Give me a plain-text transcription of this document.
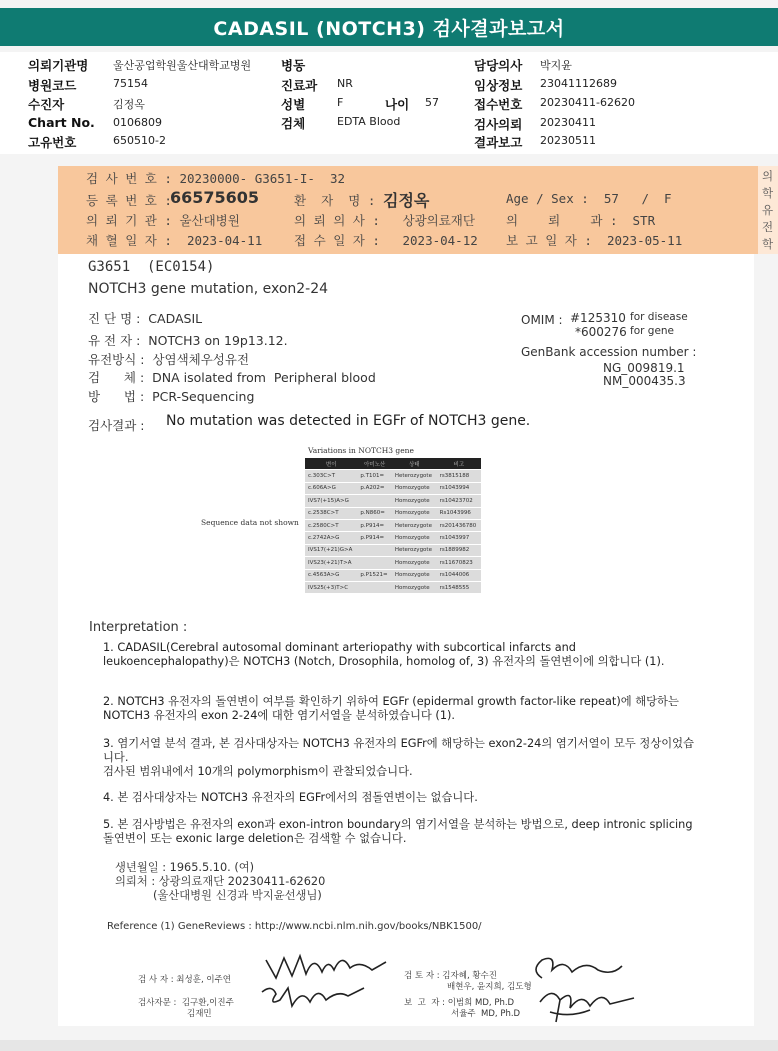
CADASIL (NOTCH3) 검사결과보고서
의뢰기관명 울산공업학원울산대학교병원
병원코드	75154
수진자	김정옥
Chart No. 0106809
고유번호	650510-2
병동
진료과 NR
성별	F	나이 57
검체	EDTA Blood
담당의사 박지윤
임상정보 23041112689
접수번호 20230411-62620
검사의뢰 20230411
결과보고 20230511
검 사 번 호 : 20230000- G3651-I-  32
등 록 번 호 :
66575605	환  자  명 : 김정옥	Age / Sex :  57   /  F
의 뢰 기 관 : 울산대병원	의 뢰 의 사 :   상광의료재단 의    뢰    과 :  STR
채 혈 일 자 :  2023-04-11	접 수 일 자 :   2023-04-12 보 고 일 자 :  2023-05-11
의
학
유
전
학
G3651  (EC0154)
NOTCH3 gene mutation, exon2-24
진 단 명 :  CADASIL
유 전 자 :  NOTCH3 on 19p13.12.
유전방식 :  상염색체우성유전
검      체 :  DNA isolated from  Peripheral blood
방      법 :  PCR-Sequencing
OMIM : #125310 for disease
*600276 for gene
GenBank accession number :
NG_009819.1
NM_000435.3
검사결과 : No mutation was detected in EGFr of NOTCH3 gene.
Variations in NOTCH3 gene
Sequence data not shown
변이	아미노산	상태	비고
c.303C>T	p.T101=	Heterozygote	rs3815188
c.606A>G	p.A202=	Homozygote	rs1043994
IVS7(+15)A>G		Homozygote	rs10423702
c.2538C>T	p.N860=	Homozygote	Rs1043996
c.2580C>T	p.P914=	Heterozygote	rs201436780
c.2742A>G	p.P914=	Homozygote	rs1043997
IVS17(+21)G>A		Heterozygote	rs1889982
IVS23(+21)T>A		Homozygote	rs11670823
c.4563A>G	p.P1521=	Homozygote	rs1044006
IVS25(+3)T>C		Homozygote	rs1548555
Interpretation :
1. CADASIL(Cerebral autosomal dominant arteriopathy with subcortical infarcts and leukoencephalopathy)은 NOTCH3 (Notch, Drosophila, homolog of, 3) 유전자의 돌연변이에 의합니다 (1).
2. NOTCH3 유전자의 돌연변이 여부를 확인하기 위하여 EGFr (epidermal growth factor-like repeat)에 해당하는 NOTCH3 유전자의 exon 2-24에 대한 염기서열을 분석하였습니다 (1).
3. 염기서열 분석 결과, 본 검사대상자는 NOTCH3 유전자의 EGFr에 해당하는 exon2-24의 염기서열이 모두 정상이었습니다.
검사된 범위내에서 10개의 polymorphism이 관찰되었습니다.
4. 본 검사대상자는 NOTCH3 유전자의 EGFr에서의 점돌연변이는 없습니다.
5. 본 검사방법은 유전자의 exon과 exon-intron boundary의 염기서열을 분석하는 방법으로, deep intronic splicing 돌연변이 또는 exonic large deletion은 검색할 수 없습니다.
생년월일 : 1965.5.10. (여)
의뢰처 : 상광의료재단 20230411-62620
(울산대병원 신경과 박지윤선생님)
Reference (1) GeneReviews : http://www.ncbi.nlm.nih.gov/books/NBK1500/
검 사 자 : 최성훈, 이주연
검사자문 :  김구환,이진주
김재민
검 토 자 : 김자혜, 황수진
배현우, 윤지희, 김도형
보  고  자 : 이범희 MD, Ph.D
서율주  MD, Ph.D
